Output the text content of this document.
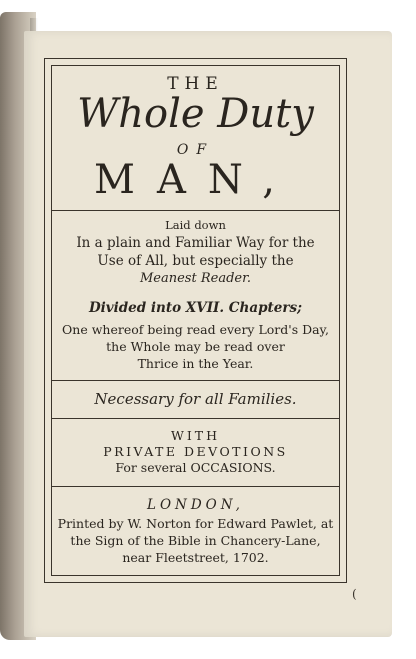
THE
Whole Duty
OF
MAN,
Laid down
In a plain and Familiar Way for the
Use of All, but especially the
Meanest Reader.
Divided into XVII. Chapters;
One whereof being read every Lord's Day,
the Whole may be read over
Thrice in the Year.
Necessary for all Families.
WITH
PRIVATE DEVOTIONS
For several OCCASIONS.
LONDON,
Printed by W. Norton for Edward Pawlet, at
the Sign of the Bible in Chancery-Lane,
near Fleetstreet, 1702.
(
